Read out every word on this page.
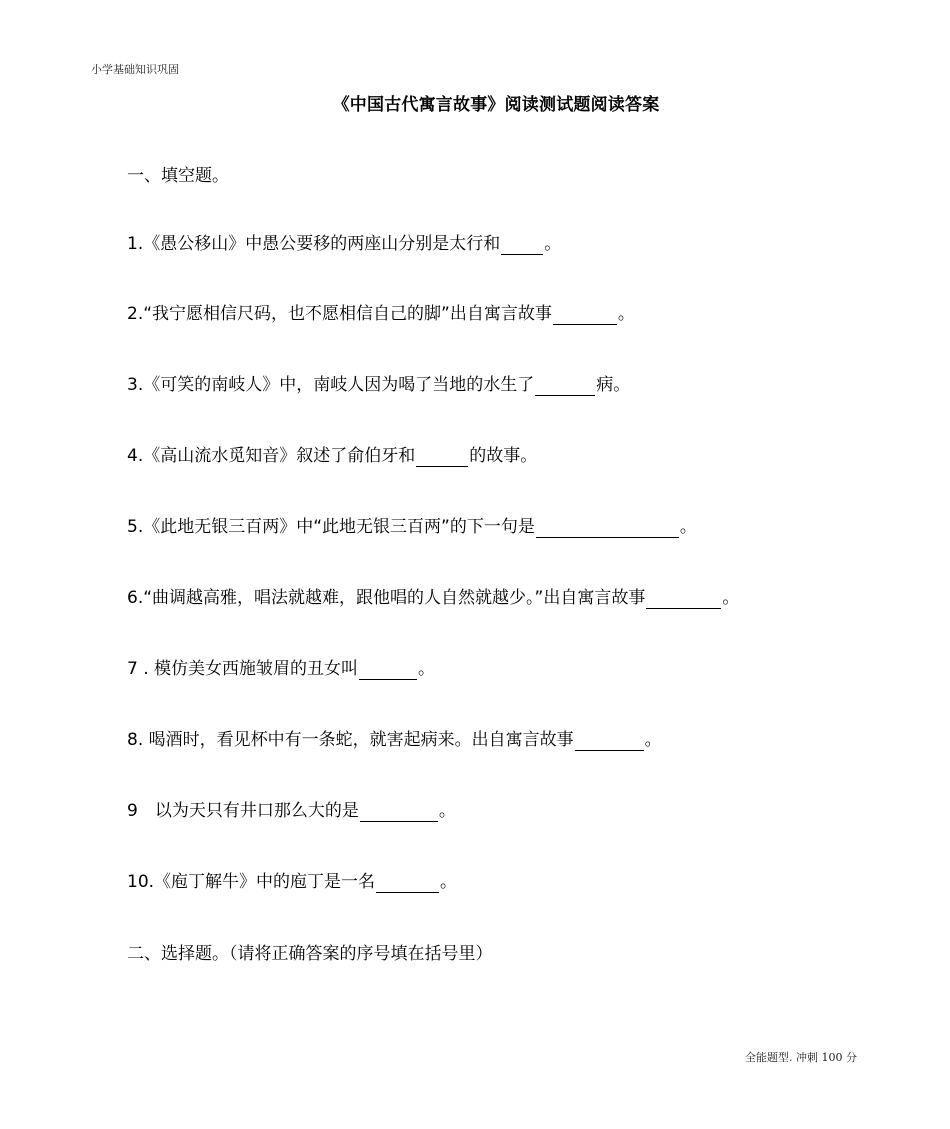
小学基础知识巩固
《中国古代寓言故事》阅读测试题阅读答案
一、填空题。
1.《愚公移山》中愚公要移的两座山分别是太行和	。
2.“我宁愿相信尺码，也不愿相信自己的脚”出自寓言故事	。
3.《可笑的南岐人》中，南岐人因为喝了当地的水生了	病。
4.《高山流水觅知音》叙述了俞伯牙和	的故事。
5.《此地无银三百两》中“此地无银三百两”的下一句是	。
6.“曲调越高雅，唱法就越难，跟他唱的人自然就越少。”出自寓言故事	。
7 . 模仿美女西施皱眉的丑女叫	。
8. 喝酒时，看见杯中有一条蛇，就害起病来。出自寓言故事	。
9　以为天只有井口那么大的是	。
10.《庖丁解牛》中的庖丁是一名	。
二、选择题。（请将正确答案的序号填在括号里）
全能题型. 冲刺 100 分
